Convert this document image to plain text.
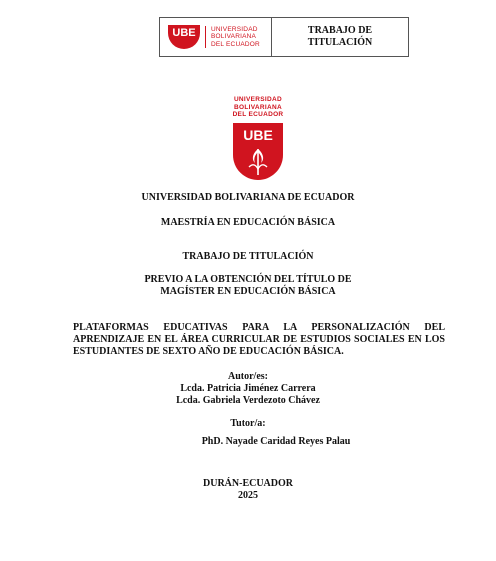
UBE UNIVERSIDAD
BOLIVARIANA
DEL ECUADOR
TRABAJO DE
TITULACIÓN
UNIVERSIDAD
BOLIVARIANA
DEL ECUADOR
UBE
UNIVERSIDAD BOLIVARIANA DE ECUADOR
MAESTRÍA EN EDUCACIÓN BÁSICA
TRABAJO DE TITULACIÓN
PREVIO A LA OBTENCIÓN DEL TÍTULO DE
MAGÍSTER EN EDUCACIÓN BÁSICA
PLATAFORMAS EDUCATIVAS PARA LA PERSONALIZACIÓN DEL
APRENDIZAJE EN EL ÁREA CURRICULAR DE ESTUDIOS SOCIALES EN LOS
ESTUDIANTES DE SEXTO AÑO DE EDUCACIÓN BÁSICA.
Autor/es:
Lcda. Patricia Jiménez Carrera
Lcda. Gabriela Verdezoto Chávez
Tutor/a:
PhD. Nayade Caridad Reyes Palau
DURÁN-ECUADOR
2025
